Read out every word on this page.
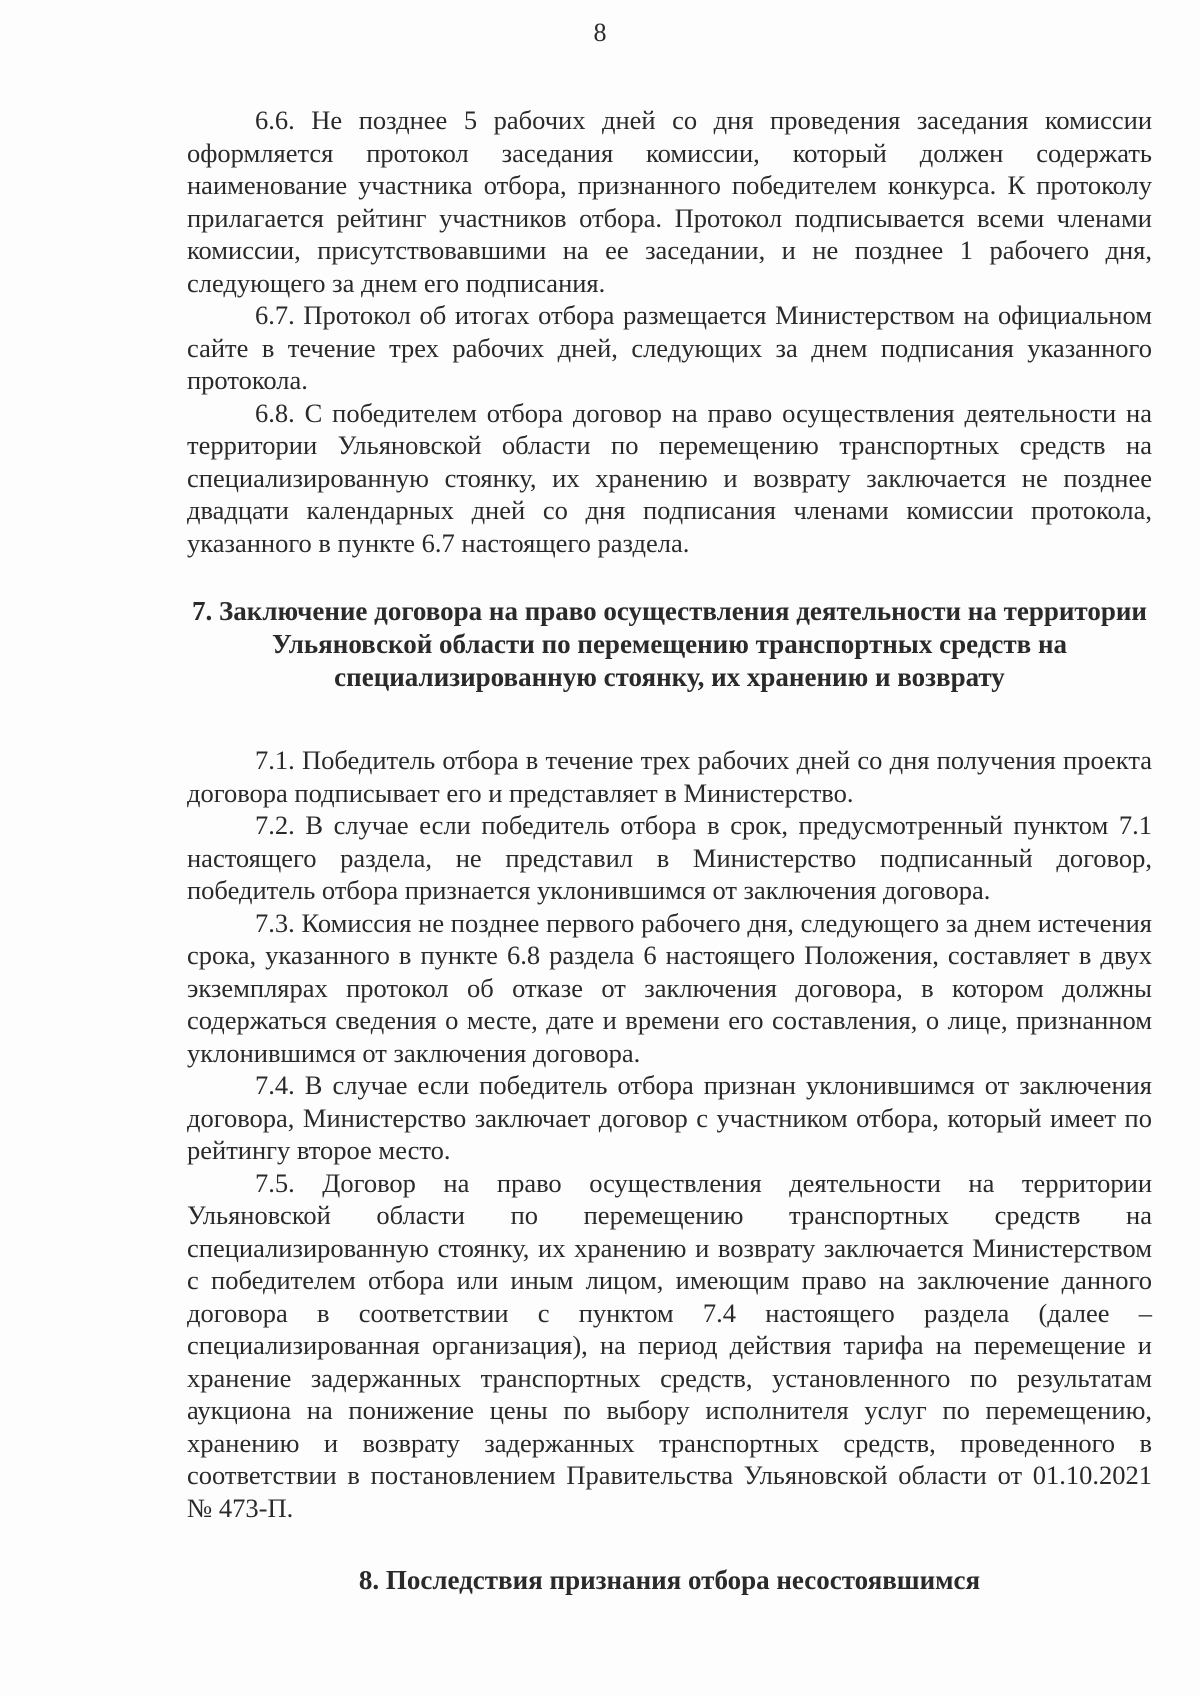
8

6.6. Не позднее 5 рабочих дней со дня проведения заседания комиссии оформляется протокол заседания комиссии, который должен содержать наименование участника отбора, признанного победителем конкурса. К протоколу прилагается рейтинг участников отбора. Протокол подписывается всеми членами комиссии, присутствовавшими на ее заседании, и не позднее 1 рабочего дня, следующего за днем его подписания.

6.7. Протокол об итогах отбора размещается Министерством на официальном сайте в течение трех рабочих дней, следующих за днем подписания указанного протокола.

6.8. С победителем отбора договор на право осуществления деятельности на территории Ульяновской области по перемещению транспортных средств на специализированную стоянку, их хранению и возврату заключается не позднее двадцати календарных дней со дня подписания членами комиссии протокола, указанного в пункте 6.7 настоящего раздела.

7. Заключение договора на право осуществления деятельности на территории Ульяновской области по перемещению транспортных средств на специализированную стоянку, их хранению и возврату

7.1. Победитель отбора в течение трех рабочих дней со дня получения проекта договора подписывает его и представляет в Министерство.

7.2. В случае если победитель отбора в срок, предусмотренный пунктом 7.1 настоящего раздела, не представил в Министерство подписанный договор, победитель отбора признается уклонившимся от заключения договора.

7.3. Комиссия не позднее первого рабочего дня, следующего за днем истечения срока, указанного в пункте 6.8 раздела 6 настоящего Положения, составляет в двух экземплярах протокол об отказе от заключения договора, в котором должны содержаться сведения о месте, дате и времени его составления, о лице, признанном уклонившимся от заключения договора.

7.4. В случае если победитель отбора признан уклонившимся от заключения договора, Министерство заключает договор с участником отбора, который имеет по рейтингу второе место.

7.5. Договор на право осуществления деятельности на территории Ульяновской области по перемещению транспортных средств на специализированную стоянку, их хранению и возврату заключается Министерством с победителем отбора или иным лицом, имеющим право на заключение данного договора в соответствии с пунктом 7.4 настоящего раздела (далее – специализированная организация), на период действия тарифа на перемещение и хранение задержанных транспортных средств, установленного по результатам аукциона на понижение цены по выбору исполнителя услуг по перемещению, хранению и возврату задержанных транспортных средств, проведенного в соответствии в постановлением Правительства Ульяновской области от 01.10.2021 № 473-П.

8. Последствия признания отбора несостоявшимся
